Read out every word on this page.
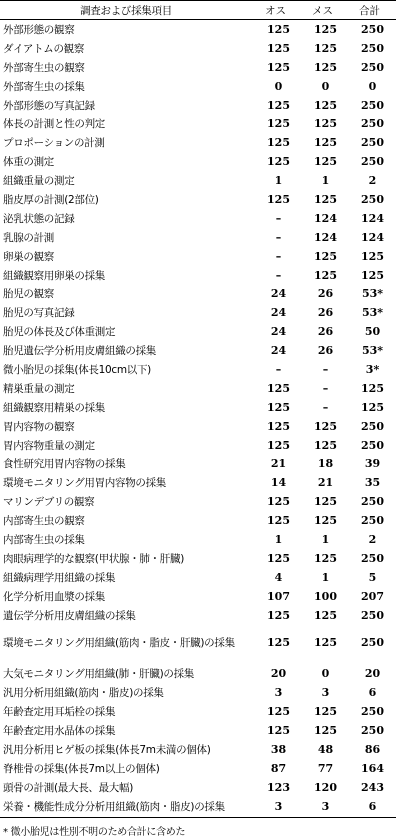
調査および採集項目	オス	メス	合計
外部形態の観察	125	125	250
ダイアトムの観察	125	125	250
外部寄生虫の観察	125	125	250
外部寄生虫の採集	0	0	0
外部形態の写真記録	125	125	250
体長の計測と性の判定	125	125	250
プロポーションの計測	125	125	250
体重の測定	125	125	250
組織重量の測定	1	1	2
脂皮厚の計測(2部位)	125	125	250
泌乳状態の記録	–	124	124
乳腺の計測	–	124	124
卵巣の観察	–	125	125
組織観察用卵巣の採集	–	125	125
胎児の観察	24	26	53*
胎児の写真記録	24	26	53*
胎児の体長及び体重測定	24	26	50
胎児遺伝学分析用皮膚組織の採集	24	26	53*
微小胎児の採集(体長10cm以下)	–	–	3*
精巣重量の測定	125	–	125
組織観察用精巣の採集	125	–	125
胃内容物の観察	125	125	250
胃内容物重量の測定	125	125	250
食性研究用胃内容物の採集	21	18	39
環境モニタリング用胃内容物の採集	14	21	35
マリンデブリの観察	125	125	250
内部寄生虫の観察	125	125	250
内部寄生虫の採集	1	1	2
肉眼病理学的な観察(甲状腺・肺・肝臓)	125	125	250
組織病理学用組織の採集	4	1	5
化学分析用血漿の採集	107	100	207
遺伝学分析用皮膚組織の採集	125	125	250
環境モニタリング用組織(筋肉・脂皮・肝臓)の採集	125	125	250
大気モニタリング用組織(肺・肝臓)の採集	20	0	20
汎用分析用組織(筋肉・脂皮)の採集	3	3	6
年齢査定用耳垢栓の採集	125	125	250
年齢査定用水晶体の採集	125	125	250
汎用分析用ヒゲ板の採集(体長7m未満の個体)	38	48	86
脊椎骨の採集(体長7m以上の個体)	87	77	164
頭骨の計測(最大長、最大幅)	123	120	243
栄養・機能性成分分析用組織(筋肉・脂皮)の採集	3	3	6
* 微小胎児は性別不明のため合計に含めた
